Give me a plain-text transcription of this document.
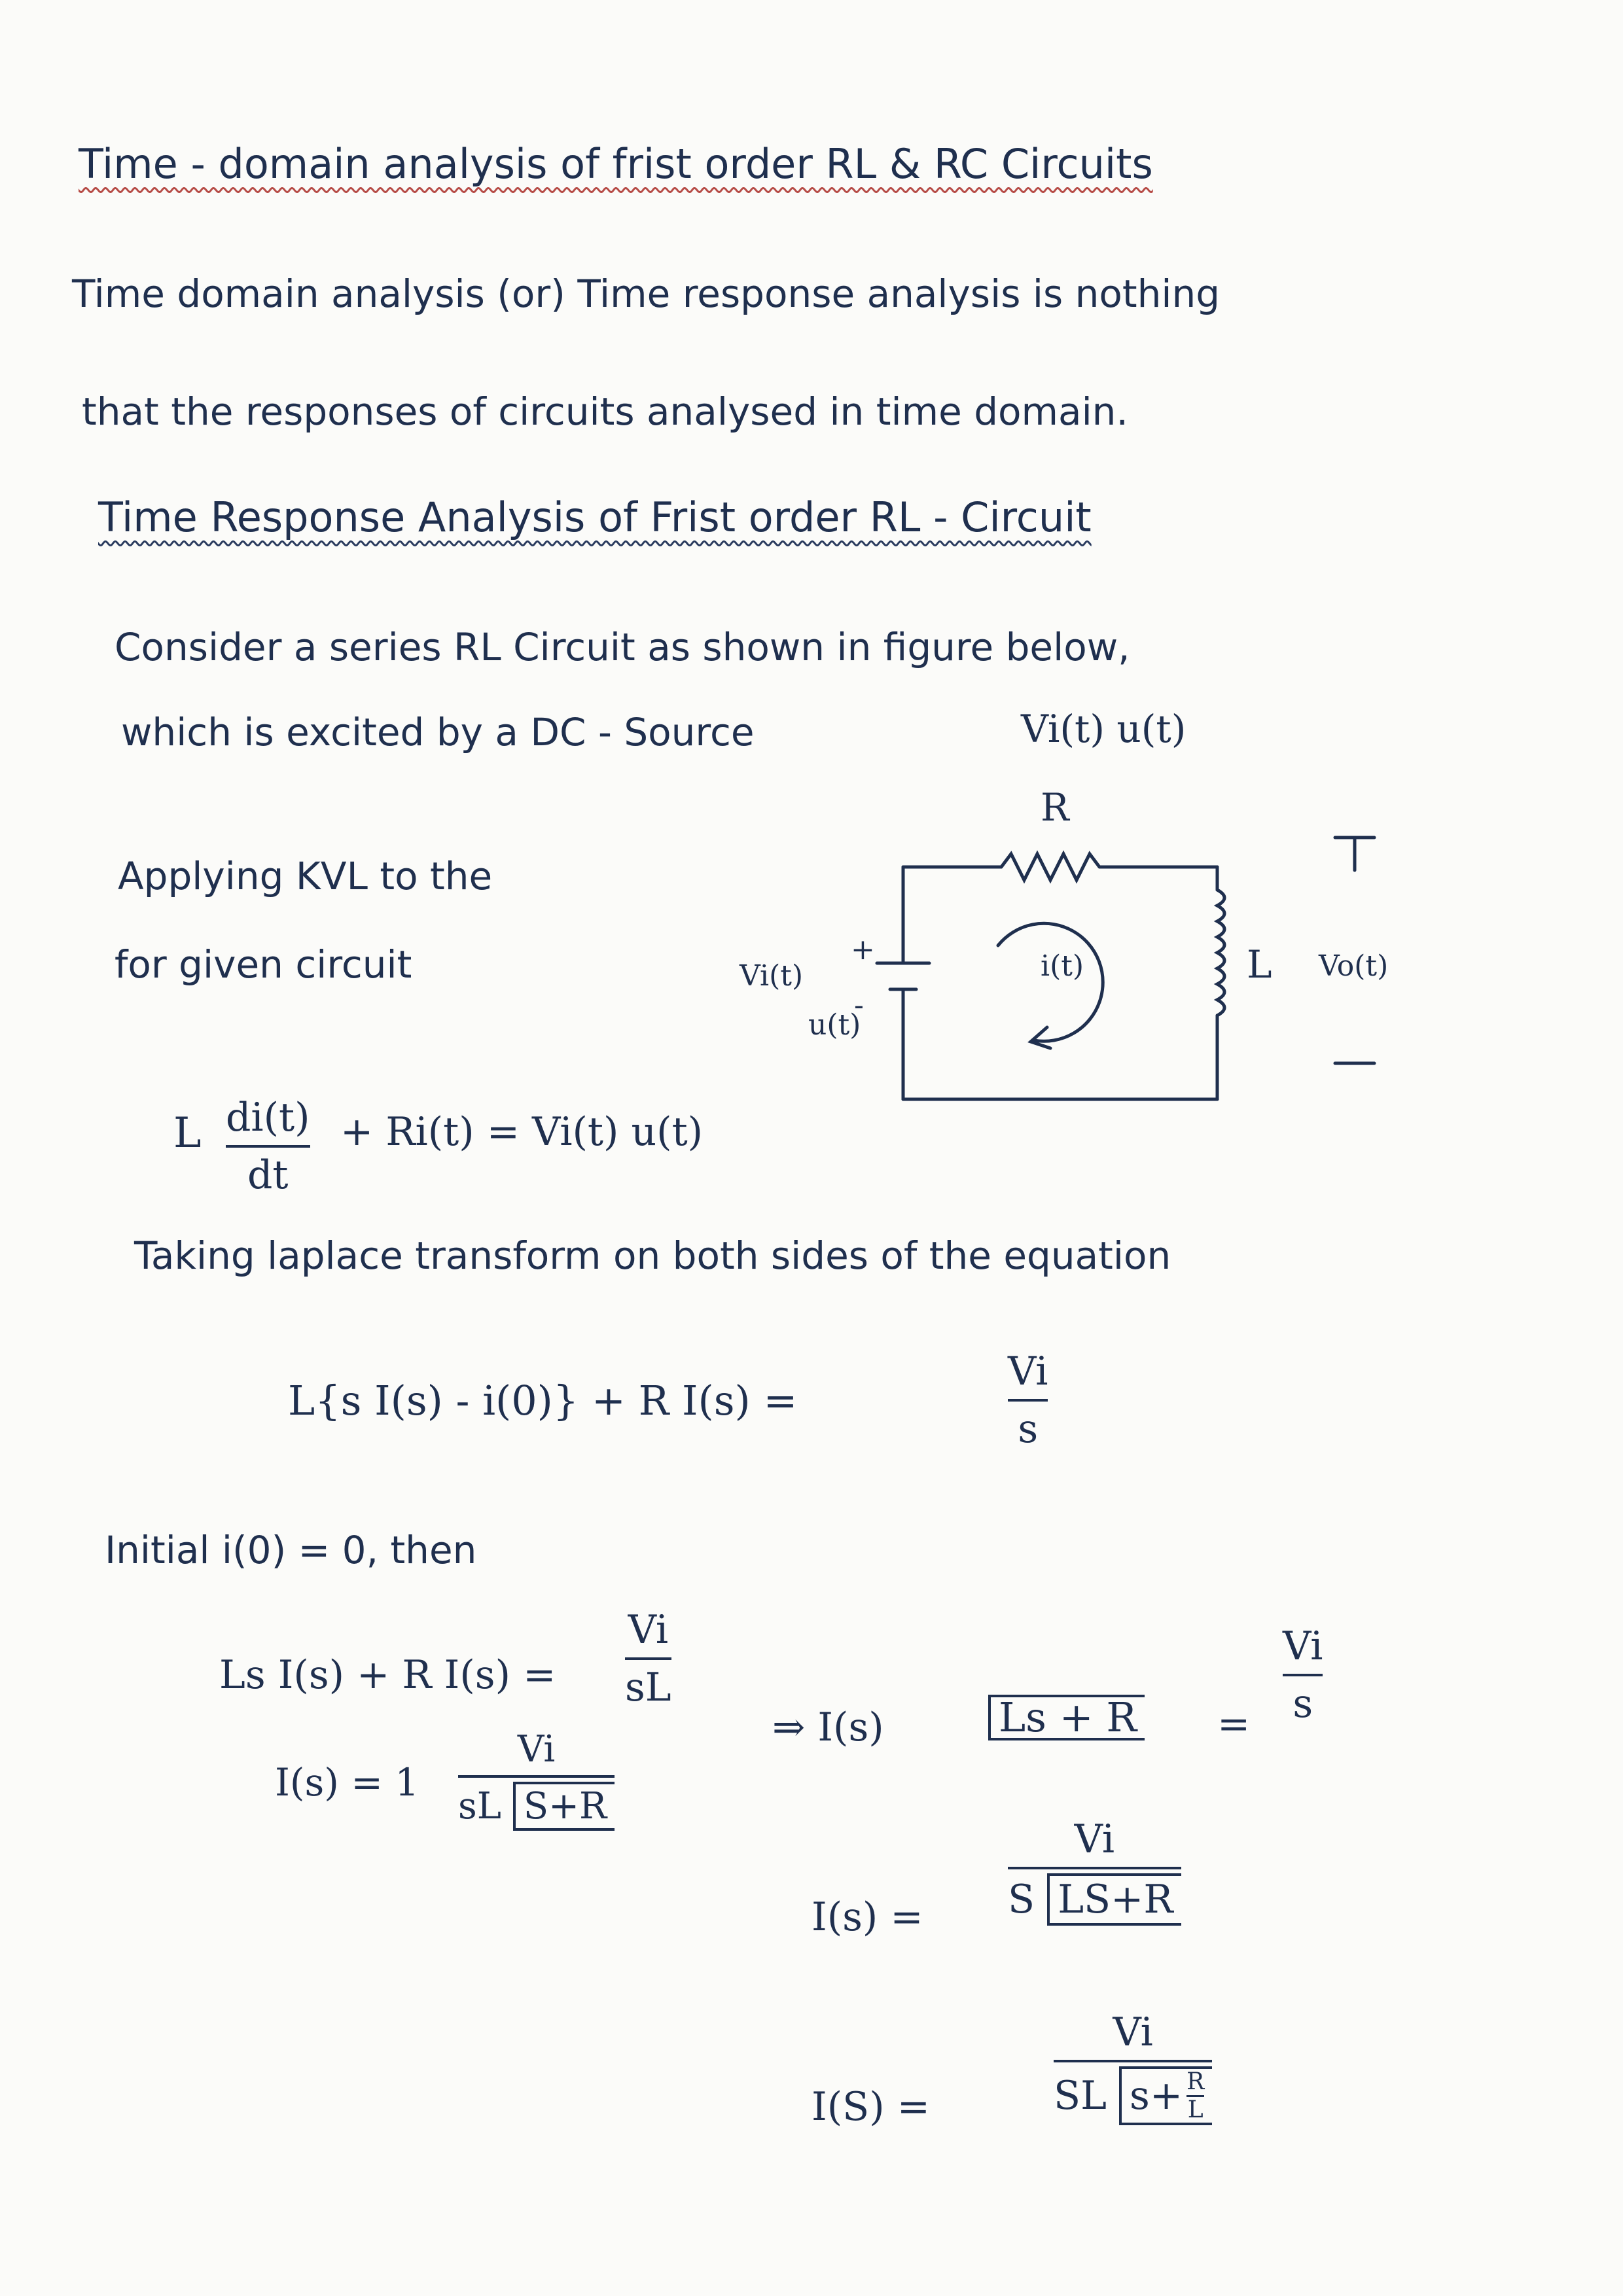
Time - domain analysis of frist order RL & RC Circuits
Time domain analysis (or) Time response analysis is nothing
that the responses of circuits analysed in time domain.
Time Response Analysis of Frist order RL - Circuit
Consider a series RL Circuit as shown in figure below,
which is excited by a DC - Source	Vi(t) u(t)
Applying KVL to the
for given circuit
R
L Vo(t)
Vi(t)
u(t)
+
-
i(t)
L di(t)
dt
+ Ri(t) = Vi(t) u(t)
Taking laplace transform on both sides of the equation
L{s I(s) - i(0)} + R I(s) =
Vi
s
Initial i(0) = 0, then
Ls I(s) + R I(s) =
Vi
sL
⇒ I(s)	Ls + R =
Vi
s
I(s) = 1
Vi
sL S+R
I(s) =
Vi
S LS+R
I(S) =
Vi
SL s+ R
L
